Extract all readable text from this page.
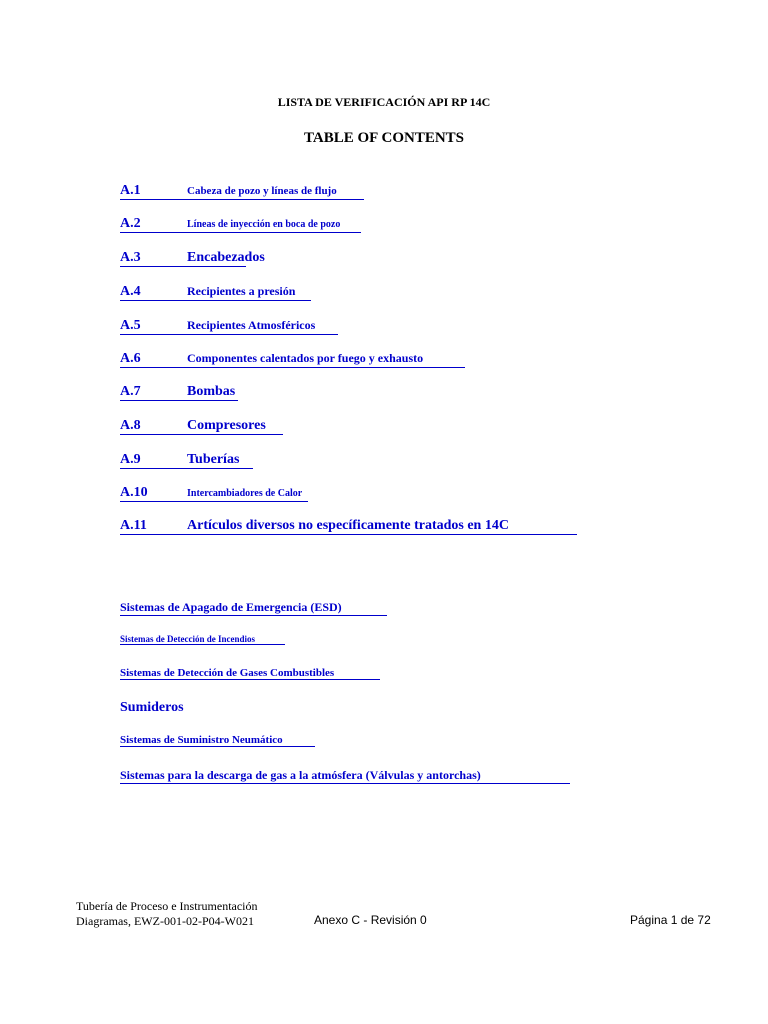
LISTA DE VERIFICACIÓN API RP 14C
TABLE OF CONTENTS
A.1	Cabeza de pozo y líneas de flujo
A.2	Líneas de inyección en boca de pozo
A.3	Encabezados
A.4	Recipientes a presión
A.5	Recipientes Atmosféricos
A.6	Componentes calentados por fuego y exhausto
A.7	Bombas
A.8	Compresores
A.9	Tuberías
A.10	Intercambiadores de Calor
A.11	Artículos diversos no específicamente tratados en 14C
Sistemas de Apagado de Emergencia (ESD)
Sistemas de Detección de Incendios
Sistemas de Detección de Gases Combustibles
Sumideros
Sistemas de Suministro Neumático
Sistemas para la descarga de gas a la atmósfera (Válvulas y antorchas)
Tubería de Proceso e Instrumentación
Diagramas, EWZ-001-02-P04-W021	Anexo C - Revisión 0	Página 1 de 72
